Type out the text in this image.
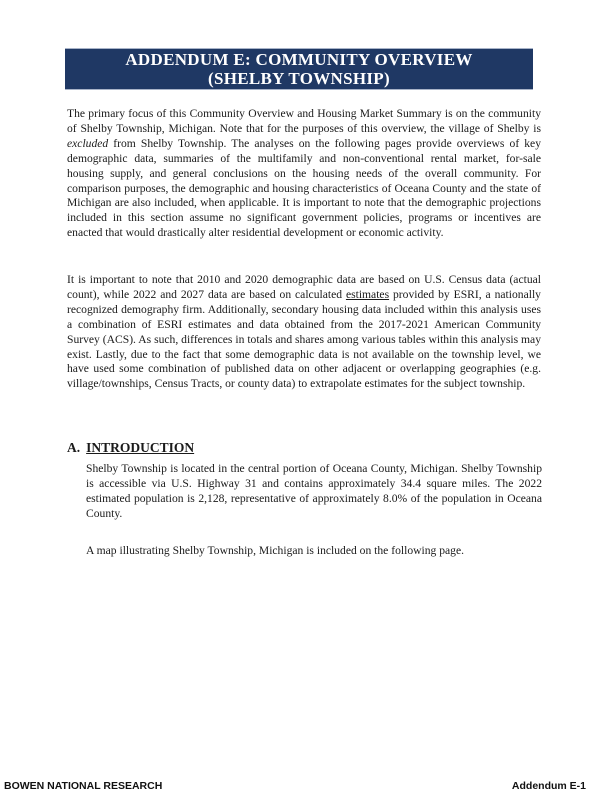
ADDENDUM E: COMMUNITY OVERVIEW
(SHELBY TOWNSHIP)

The primary focus of this Community Overview and Housing Market Summary is on the community of Shelby Township, Michigan. Note that for the purposes of this overview, the village of Shelby is excluded from Shelby Township. The analyses on the following pages provide overviews of key demographic data, summaries of the multifamily and non-conventional rental market, for-sale housing supply, and general conclusions on the housing needs of the overall community. For comparison purposes, the demographic and housing characteristics of Oceana County and the state of Michigan are also included, when applicable. It is important to note that the demographic projections included in this section assume no significant government policies, programs or incentives are enacted that would drastically alter residential development or economic activity.

It is important to note that 2010 and 2020 demographic data are based on U.S. Census data (actual count), while 2022 and 2027 data are based on calculated estimates provided by ESRI, a nationally recognized demography firm. Additionally, secondary housing data included within this analysis uses a combination of ESRI estimates and data obtained from the 2017-2021 American Community Survey (ACS). As such, differences in totals and shares among various tables within this analysis may exist. Lastly, due to the fact that some demographic data is not available on the township level, we have used some combination of published data on other adjacent or overlapping geographies (e.g. village/townships, Census Tracts, or county data) to extrapolate estimates for the subject township.

A. INTRODUCTION

Shelby Township is located in the central portion of Oceana County, Michigan. Shelby Township is accessible via U.S. Highway 31 and contains approximately 34.4 square miles. The 2022 estimated population is 2,128, representative of approximately 8.0% of the population in Oceana County.

A map illustrating Shelby Township, Michigan is included on the following page.

BOWEN NATIONAL RESEARCH	Addendum E-1
